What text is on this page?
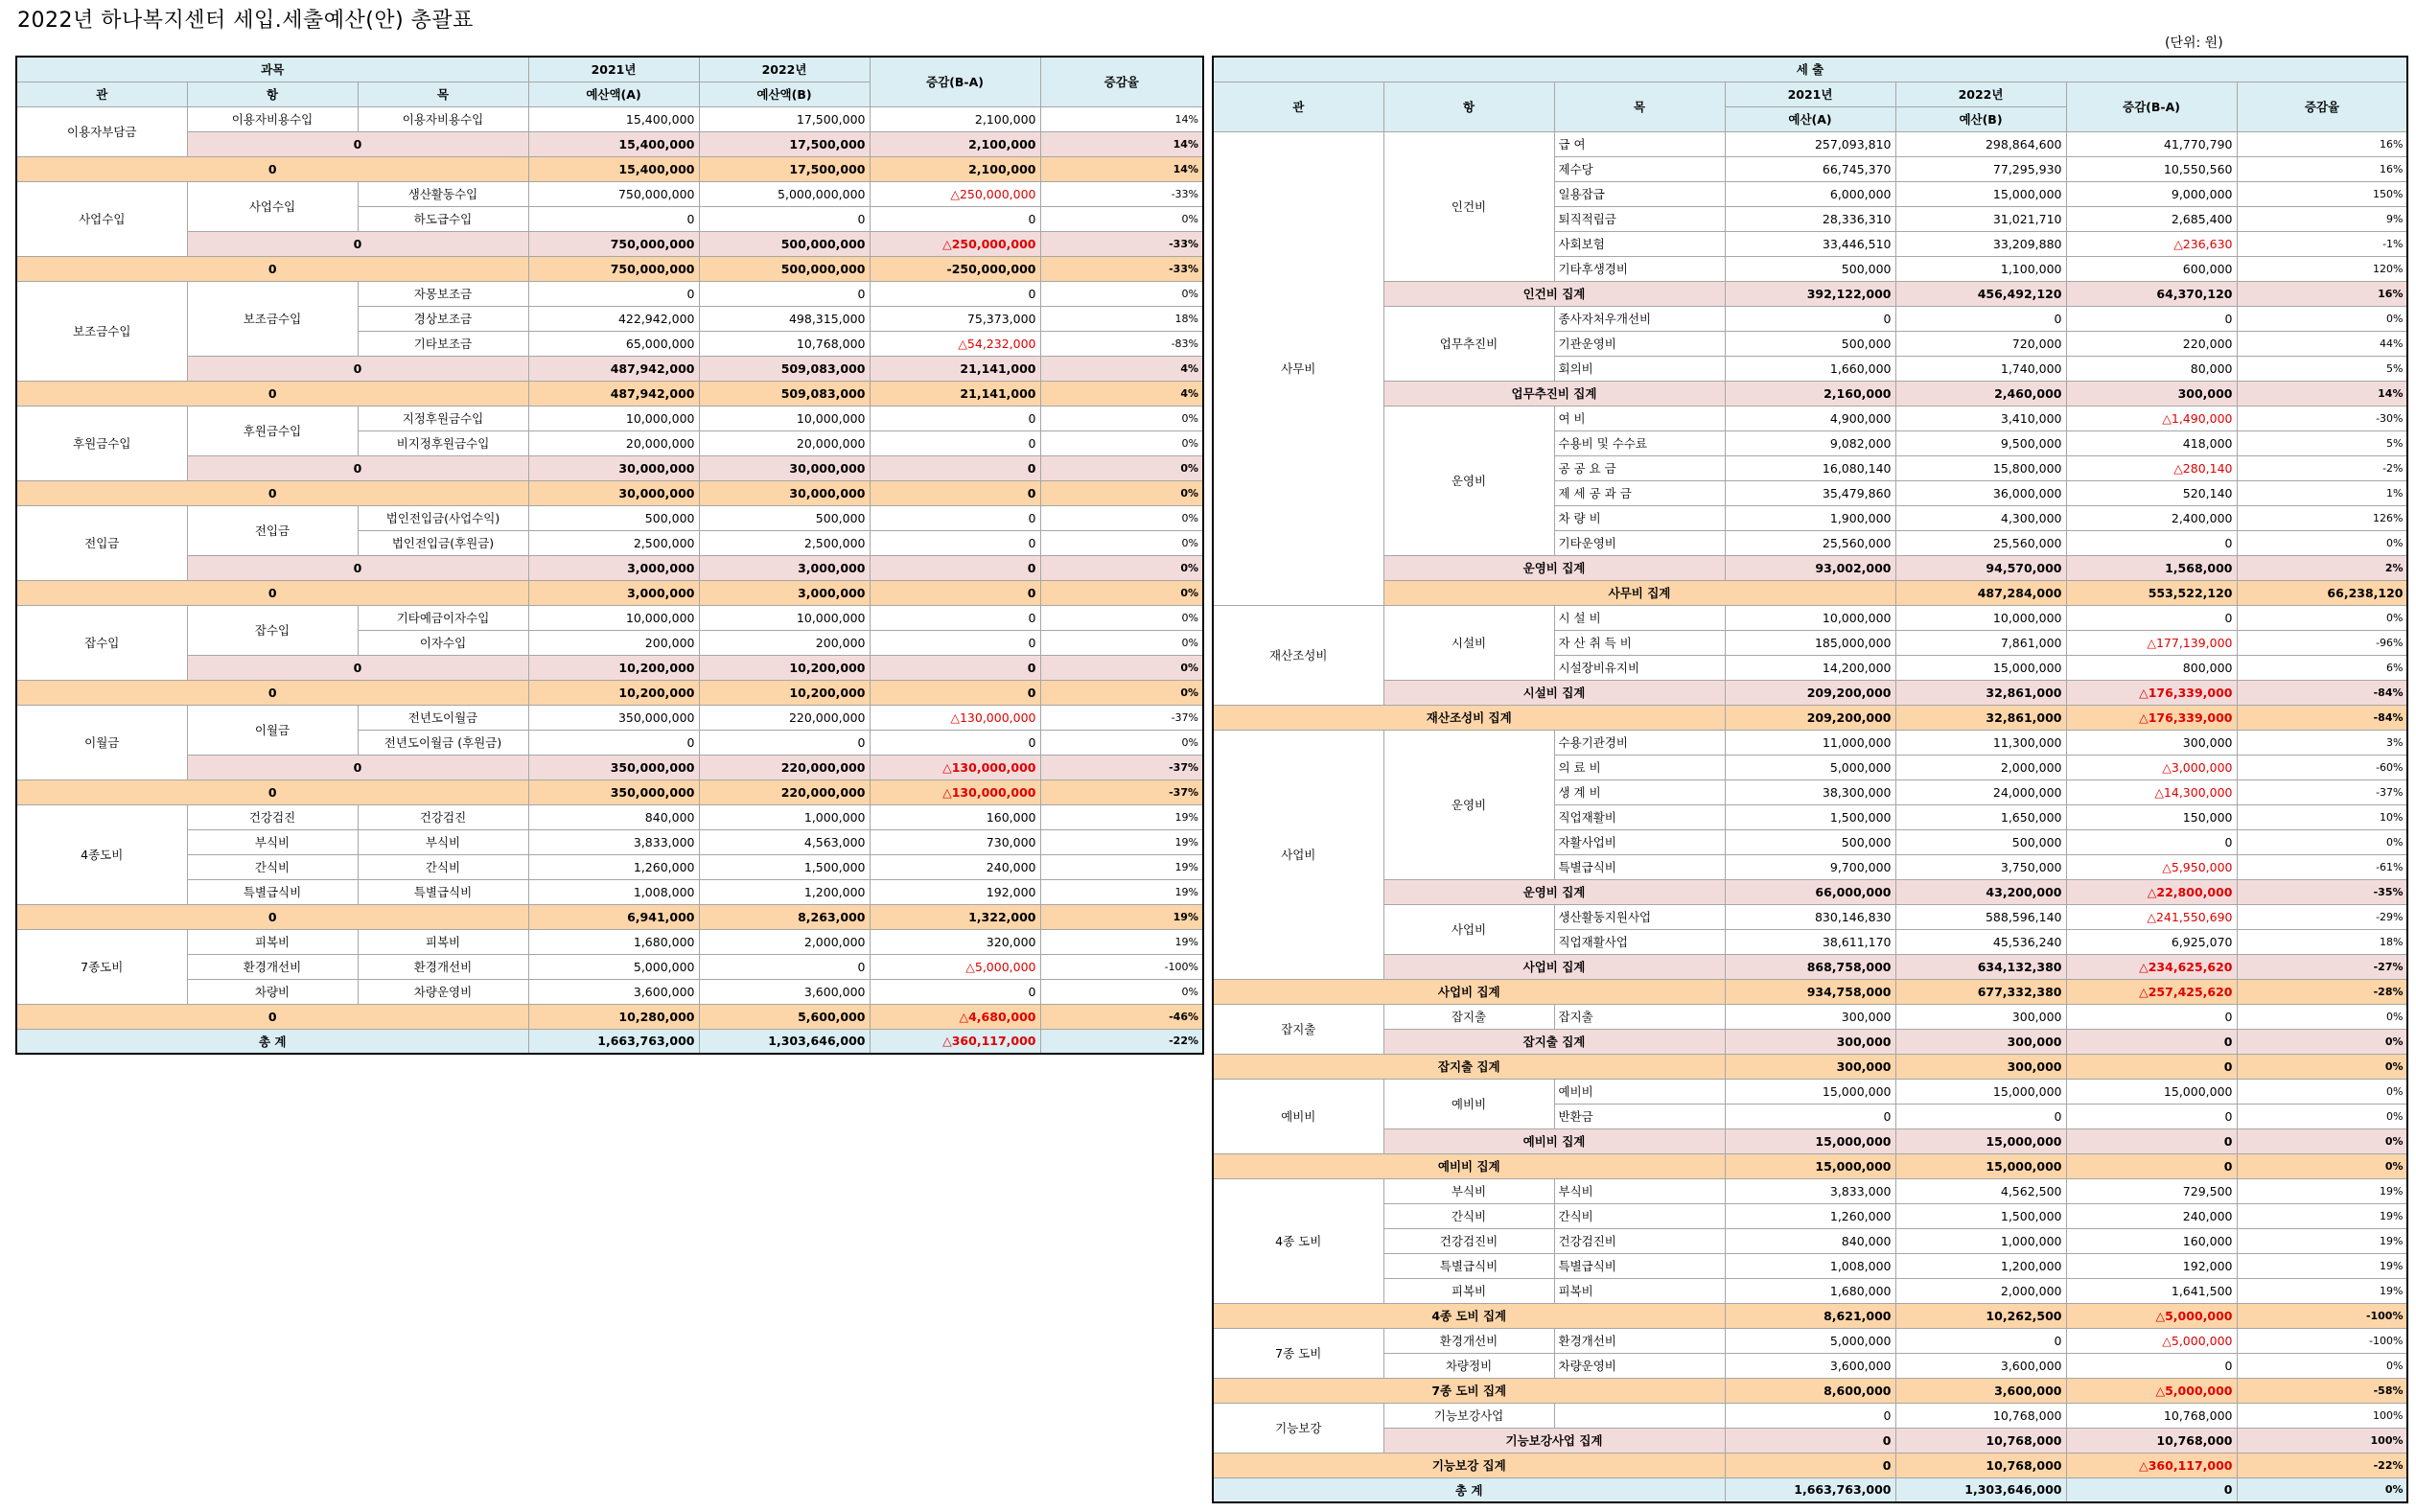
2022년 하나복지센터 세입.세출예산(안) 총괄표
(단위: 원)
과목			2021년	2022년	증감(B-A)	증감율
관	항	목	예산액(A)	예산액(B)		
이용자부담금	이용자비용수입	이용자비용수입	15,400,000	17,500,000	2,100,000	14%
	0		15,400,000	17,500,000	2,100,000	14%
0			15,400,000	17,500,000	2,100,000	14%
사업수입	사업수입	생산활동수입	750,000,000	5,000,000,000	△250,000,000	-33%
		하도급수입	0	0	0	0%
	0		750,000,000	500,000,000	△250,000,000	-33%
0			750,000,000	500,000,000	-250,000,000	-33%
보조금수입	보조금수입	자몽보조금	0	0	0	0%
		경상보조금	422,942,000	498,315,000	75,373,000	18%
		기타보조금	65,000,000	10,768,000	△54,232,000	-83%
	0		487,942,000	509,083,000	21,141,000	4%
0			487,942,000	509,083,000	21,141,000	4%
후원금수입	후원금수입	지정후원금수입	10,000,000	10,000,000	0	0%
		비지정후원금수입	20,000,000	20,000,000	0	0%
	0		30,000,000	30,000,000	0	0%
0			30,000,000	30,000,000	0	0%
전입금	전입금	법인전입금(사업수익)	500,000	500,000	0	0%
		법인전입금(후원금)	2,500,000	2,500,000	0	0%
	0		3,000,000	3,000,000	0	0%
0			3,000,000	3,000,000	0	0%
잡수입	잡수입	기타예금이자수입	10,000,000	10,000,000	0	0%
		이자수입	200,000	200,000	0	0%
	0		10,200,000	10,200,000	0	0%
0			10,200,000	10,200,000	0	0%
이월금	이월금	전년도이월금	350,000,000	220,000,000	△130,000,000	-37%
		전년도이월금 (후원금)	0	0	0	0%
	0		350,000,000	220,000,000	△130,000,000	-37%
0			350,000,000	220,000,000	△130,000,000	-37%
4종도비	건강검진	건강검진	840,000	1,000,000	160,000	19%
	부식비	부식비	3,833,000	4,563,000	730,000	19%
	간식비	간식비	1,260,000	1,500,000	240,000	19%
	특별급식비	특별급식비	1,008,000	1,200,000	192,000	19%
0			6,941,000	8,263,000	1,322,000	19%
7종도비	피복비	피복비	1,680,000	2,000,000	320,000	19%
	환경개선비	환경개선비	5,000,000	0	△5,000,000	-100%
	차량비	차량운영비	3,600,000	3,600,000	0	0%
0			10,280,000	5,600,000	△4,680,000	-46%
총 계			1,663,763,000	1,303,646,000	△360,117,000	-22%
세 출							
관	항	목	2021년	2022년	증감(B-A)	증감율	
			예산(A)	예산(B)			
사무비	인건비	급 여	257,093,810	298,864,600	41,770,790	16%	
		제수당	66,745,370	77,295,930	10,550,560	16%	
		일용잡급	6,000,000	15,000,000	9,000,000	150%	
		퇴직적립금	28,336,310	31,021,710	2,685,400	9%	
		사회보험	33,446,510	33,209,880	△236,630	-1%	
		기타후생경비	500,000	1,100,000	600,000	120%	
	인건비 집계		392,122,000	456,492,120	64,370,120	16%	
	업무추진비	종사자처우개선비	0	0	0	0%	
		기관운영비	500,000	720,000	220,000	44%	
		회의비	1,660,000	1,740,000	80,000	5%	
	업무추진비 집계		2,160,000	2,460,000	300,000	14%	
	운영비	여 비	4,900,000	3,410,000	△1,490,000	-30%	
		수용비 및 수수료	9,082,000	9,500,000	418,000	5%	
		공 공 요 금	16,080,140	15,800,000	△280,140	-2%	
		제 세 공 과 금	35,479,860	36,000,000	520,140	1%	
		차 량 비	1,900,000	4,300,000	2,400,000	126%	
		기타운영비	25,560,000	25,560,000	0	0%	
	운영비 집계		93,002,000	94,570,000	1,568,000	2%	
	사무비 집계			487,284,000	553,522,120	66,238,120	
재산조성비	시설비	시 설 비	10,000,000	10,000,000	0	0%	
		자 산 취 득 비	185,000,000	7,861,000	△177,139,000	-96%	
		시설장비유지비	14,200,000	15,000,000	800,000	6%	
	시설비 집계		209,200,000	32,861,000	△176,339,000	-84%	
재산조성비 집계			209,200,000	32,861,000	△176,339,000	-84%	
사업비	운영비	수용기관경비	11,000,000	11,300,000	300,000	3%	
		의 료 비	5,000,000	2,000,000	△3,000,000	-60%	
		생 계 비	38,300,000	24,000,000	△14,300,000	-37%	
		직업재활비	1,500,000	1,650,000	150,000	10%	
		자활사업비	500,000	500,000	0	0%	
		특별급식비	9,700,000	3,750,000	△5,950,000	-61%	
	운영비 집계		66,000,000	43,200,000	△22,800,000	-35%	
	사업비	생산활동지원사업	830,146,830	588,596,140	△241,550,690	-29%	
		직업재활사업	38,611,170	45,536,240	6,925,070	18%	
	사업비 집계		868,758,000	634,132,380	△234,625,620	-27%	
사업비 집계			934,758,000	677,332,380	△257,425,620	-28%	
잡지출	잡지출	잡지출	300,000	300,000	0	0%	
	잡지출 집계		300,000	300,000	0	0%	
잡지출 집계			300,000	300,000	0	0%	
예비비	예비비	예비비	15,000,000	15,000,000	15,000,000	0%	
		반환금	0	0	0	0%	
	예비비 집계		15,000,000	15,000,000	0	0%	
예비비 집계			15,000,000	15,000,000	0	0%	
4종 도비	부식비	부식비	3,833,000	4,562,500	729,500	19%	
	간식비	간식비	1,260,000	1,500,000	240,000	19%	
	건강검진비	건강검진비	840,000	1,000,000	160,000	19%	
	특별급식비	특별급식비	1,008,000	1,200,000	192,000	19%	
	피복비	피복비	1,680,000	2,000,000	1,641,500	19%	
4종 도비 집계			8,621,000	10,262,500	△5,000,000	-100%	
7종 도비	환경개선비	환경개선비	5,000,000	0	△5,000,000	-100%	
	차량정비	차량운영비	3,600,000	3,600,000	0	0%	
7종 도비 집계			8,600,000	3,600,000	△5,000,000	-58%	
기능보강	기능보강사업		0	10,768,000	10,768,000	100%	
	기능보강사업 집계		0	10,768,000	10,768,000	100%	
기능보강 집계			0	10,768,000	△360,117,000	-22%	
총 계			1,663,763,000	1,303,646,000	0	0%	
